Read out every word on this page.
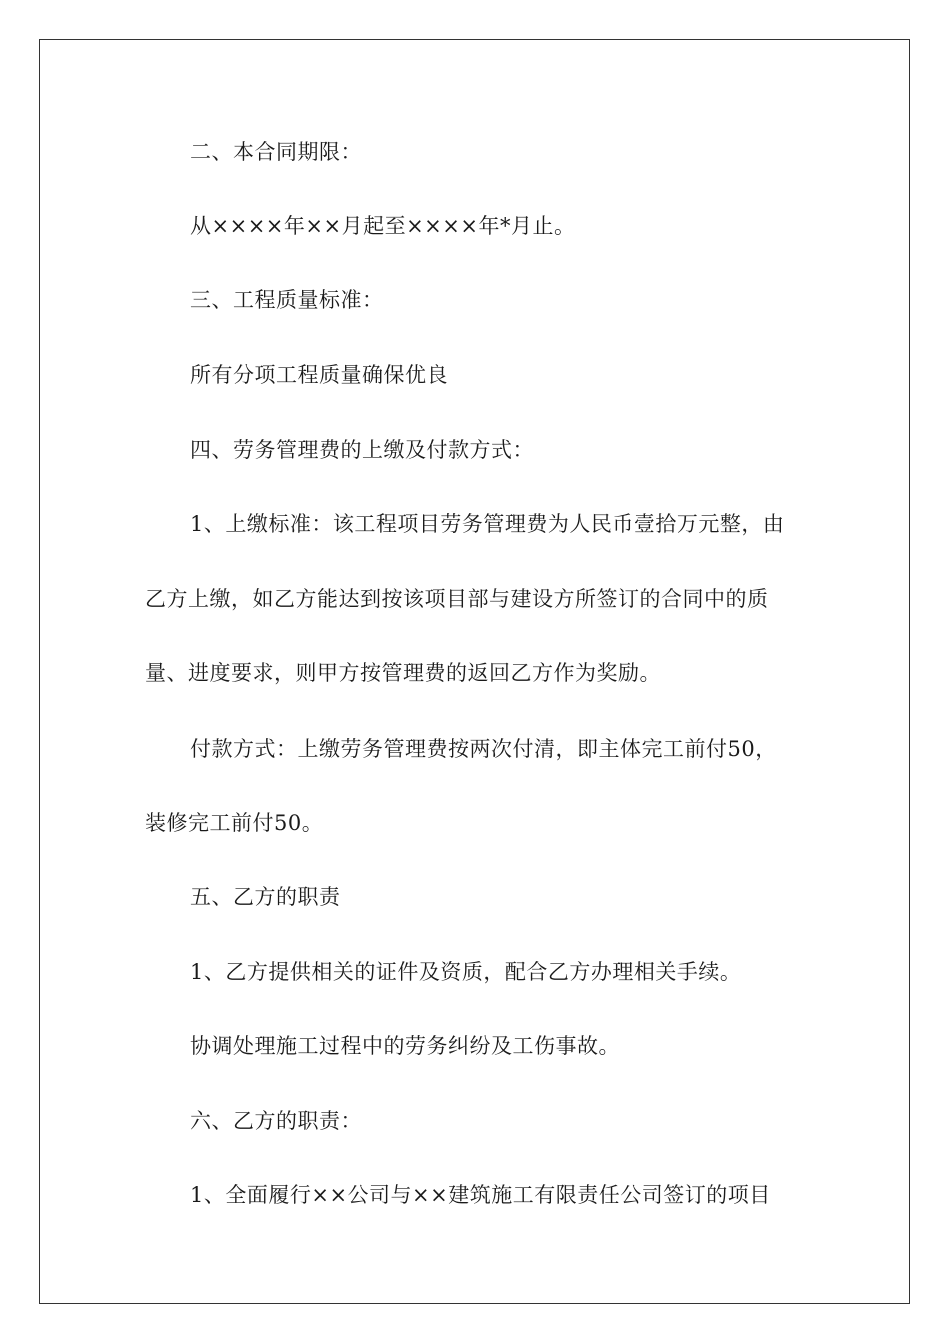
二、本合同期限：
从××××年××月起至××××年*月止。
三、工程质量标准：
所有分项工程质量确保优良
四、劳务管理费的上缴及付款方式：
1、上缴标准：该工程项目劳务管理费为人民币壹拾万元整，由
乙方上缴，如乙方能达到按该项目部与建设方所签订的合同中的质
量、进度要求，则甲方按管理费的返回乙方作为奖励。
付款方式：上缴劳务管理费按两次付清，即主体完工前付50，
装修完工前付50。
五、乙方的职责
1、乙方提供相关的证件及资质，配合乙方办理相关手续。
协调处理施工过程中的劳务纠纷及工伤事故。
六、乙方的职责：
1、全面履行××公司与××建筑施工有限责任公司签订的项目
